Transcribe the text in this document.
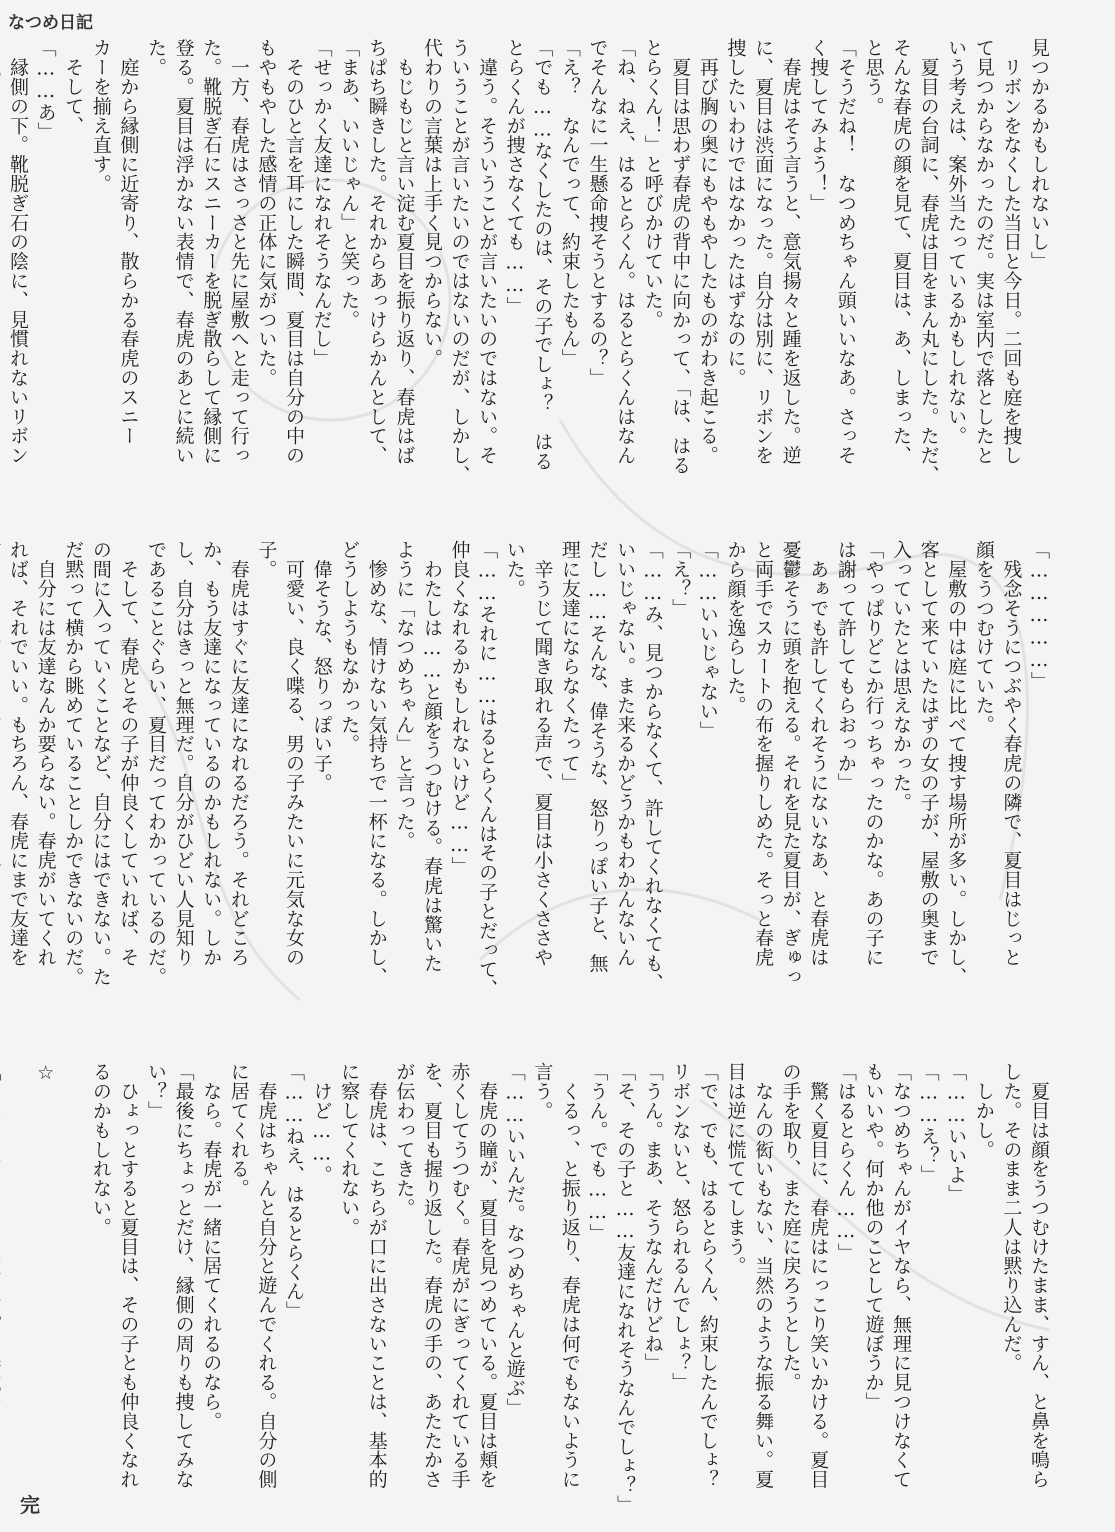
なつめ日記

見つかるかもしれないし」

　リボンをなくした当日と今日。二回も庭を捜し

て見つからなかったのだ。実は室内で落としたと

いう考えは、案外当たっているかもしれない。

　夏目の台詞に、春虎は目をまん丸にした。ただ、

そんな春虎の顔を見て、夏目は、あ、しまった、

と思う。

「そうだね！　なつめちゃん頭いいなあ。さっそ

く捜してみよう！」

　春虎はそう言うと、意気揚々と踵を返した。逆

に、夏目は渋面になった。自分は別に、リボンを

捜したいわけではなかったはずなのに。

　再び胸の奥にもやもやしたものがわき起こる。

　夏目は思わず春虎の背中に向かって、「は、はる

とらくん！」と呼びかけていた。

「ね、ねえ、はるとらくん。はるとらくんはなん

でそんなに一生懸命捜そうとするの？」

「え？　なんでって、約束したもん」

「でも……なくしたのは、その子でしょ？　はる

とらくんが捜さなくても……」

　違う。そういうことが言いたいのではない。そ

ういうことが言いたいのではないのだが、しかし、

代わりの言葉は上手く見つからない。

　もじもじと言い淀む夏目を振り返り、春虎はば

ちぱち瞬きした。それからあっけらかんとして、

「まあ、いいじゃん」と笑った。

「せっかく友達になれそうなんだし」

　そのひと言を耳にした瞬間、夏目は自分の中の

もやもやした感情の正体に気がついた。

　一方、春虎はさっさと先に屋敷へと走って行っ

た。靴脱ぎ石にスニーカーを脱ぎ散らして縁側に

登る。夏目は浮かない表情で、春虎のあとに続いた。

　庭から縁側に近寄り、散らかる春虎のスニー

カーを揃え直す。

　そして、

「……あ」

　縁側の下。靴脱ぎ石の陰に、見慣れないリボン

「……………」

　残念そうにつぶやく春虎の隣で、夏目はじっと

顔をうつむけていた。

　屋敷の中は庭に比べて捜す場所が多い。しかし、

客として来ていたはずの女の子が、屋敷の奥まで

入っていたとは思えなかった。

「やっぱりどこか行っちゃったのかな。あの子に

は謝って許してもらおっか」

　あぁでも許してくれそうにないなあ、と春虎は

憂鬱そうに頭を抱える。それを見た夏目が、ぎゅっ

と両手でスカートの布を握りしめた。そっと春虎

から顔を逸らした。

「……いいじゃない」

「え？」

「……み、見つからなくて、許してくれなくても、

いいじゃない。また来るかどうかもわかんないん

だし……そんな、偉そうな、怒りっぽい子と、無

理に友達にならなくたって」

　辛うじて聞き取れる声で、夏目は小さくささや

いた。

「……それに……はるとらくんはその子とだって、

仲良くなれるかもしれないけど……」

　わたしは……と顔をうつむける。春虎は驚いた

ように「なつめちゃん」と言った。

　惨めな、情けない気持ちで一杯になる。しかし、

どうしようもなかった。

　偉そうな、怒りっぽい子。

　可愛い、良く喋る、男の子みたいに元気な女の子。

　春虎はすぐに友達になれるだろう。それどころ

か、もう友達になっているのかもしれない。しか

し、自分はきっと無理だ。自分がひどい人見知り

であることぐらい、夏目だってわかっているのだ。

　そして、春虎とその子が仲良くしていれば、そ

の間に入っていくことなど、自分にはできない。た

だ黙って横から眺めていることしかできないのだ。

　自分には友達なんか要らない。春虎がいてくれ

れば、それでいい。もちろん、春虎にまで友達を

　夏目は顔をうつむけたまま、すん、と鼻を鳴ら

した。そのまま二人は黙り込んだ。

　しかし。

「……いいよ」

「……え？」

「なつめちゃんがイヤなら、無理に見つけなくて

もいいや。何か他のことして遊ぼうか」

「はるとらくん……」

　驚く夏目に、春虎はにっこり笑いかける。夏目

の手を取り、また庭に戻ろうとした。

　なんの衒いもない、当然のような振る舞い。夏

目は逆に慌ててしまう。

「で、でも、はるとらくん、約束したんでしょ？

リボンないと、怒られるんでしょ？」

「うん。まあ、そうなんだけどね」

「そ、その子と……友達になれそうなんでしょ？」

「うん。でも……」

　くるっ、と振り返り、春虎は何でもないように

言う。

「……いいんだ。なつめちゃんと遊ぶ」

　春虎の瞳が、夏目を見つめている。夏目は頬を

赤くしてうつむく。春虎がにぎってくれている手

を、夏目も握り返した。春虎の手の、あたたかさ

が伝わってきた。

　春虎は、こちらが口に出さないことは、基本的

に察してくれない。

　けど……。

「……ねえ、はるとらくん」

　春虎はちゃんと自分と遊んでくれる。自分の側

に居てくれる。

　なら。春虎が一緒に居てくれるのなら。

「最後にちょっとだけ、縁側の周りも捜してみな

い？」

　ひょっとすると夏目は、その子とも仲良くなれ

るのかもしれない。

☆

完
